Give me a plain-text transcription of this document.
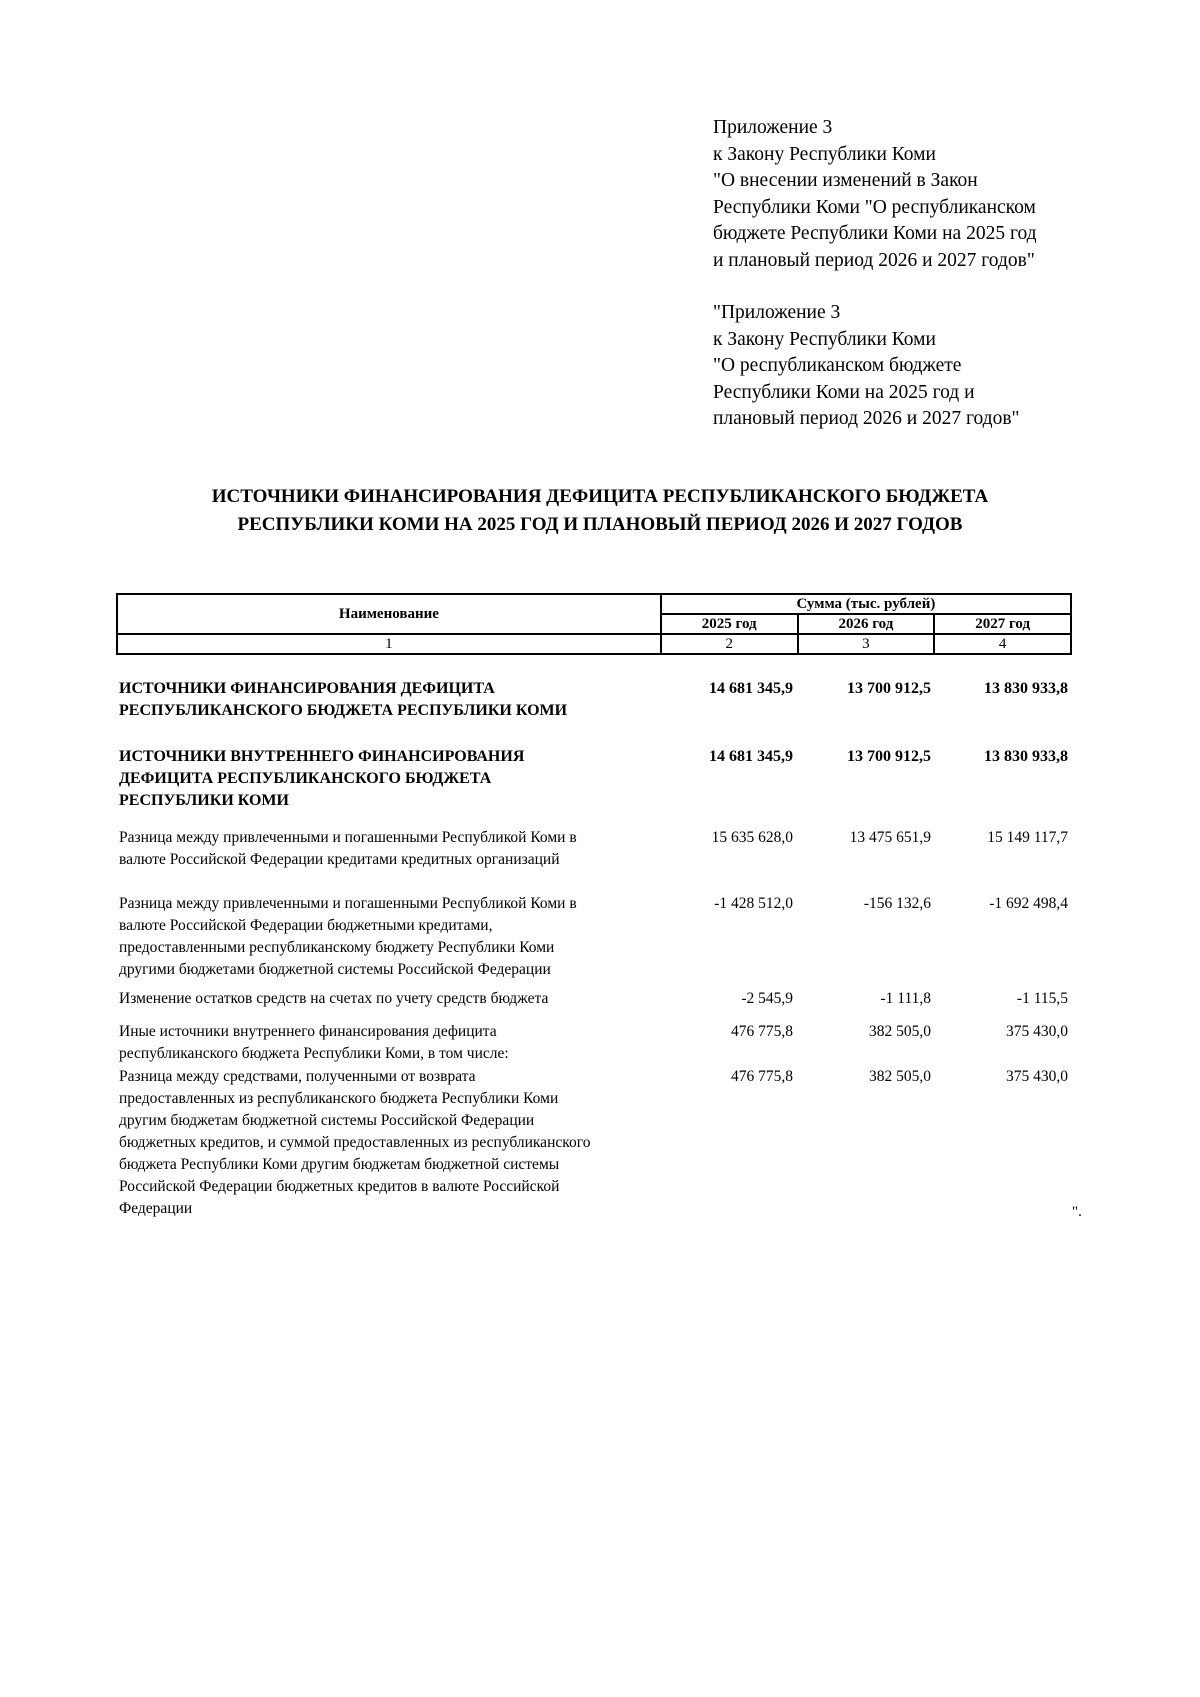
Приложение 3
к Закону Республики Коми
"О внесении изменений в Закон
Республики Коми "О республиканском
бюджете Республики Коми на 2025 год
и плановый период 2026 и 2027 годов"
"Приложение 3
к Закону Республики Коми
"О республиканском бюджете
Республики Коми на 2025 год и
плановый период 2026 и 2027 годов"
ИСТОЧНИКИ ФИНАНСИРОВАНИЯ ДЕФИЦИТА РЕСПУБЛИКАНСКОГО БЮДЖЕТА
РЕСПУБЛИКИ КОМИ НА 2025 ГОД И ПЛАНОВЫЙ ПЕРИОД 2026 И 2027 ГОДОВ
Наименование	Сумма (тыс. рублей)		
	2025 год	2026 год	2027 год
1	2	3	4
ИСТОЧНИКИ ФИНАНСИРОВАНИЯ ДЕФИЦИТА
РЕСПУБЛИКАНСКОГО БЮДЖЕТА РЕСПУБЛИКИ КОМИ
14 681 345,9	13 700 912,5	13 830 933,8
ИСТОЧНИКИ ВНУТРЕННЕГО ФИНАНСИРОВАНИЯ
ДЕФИЦИТА РЕСПУБЛИКАНСКОГО БЮДЖЕТА
РЕСПУБЛИКИ КОМИ
14 681 345,9	13 700 912,5	13 830 933,8
Разница между привлеченными и погашенными Республикой Коми в
валюте Российской Федерации кредитами кредитных организаций
15 635 628,0	13 475 651,9	15 149 117,7
Разница между привлеченными и погашенными Республикой Коми в
валюте Российской Федерации бюджетными кредитами,
предоставленными республиканскому бюджету Республики Коми
другими бюджетами бюджетной системы Российской Федерации
-1 428 512,0	-156 132,6	-1 692 498,4
Изменение остатков средств на счетах по учету средств бюджета	-2 545,9	-1 111,8	-1 115,5
Иные источники внутреннего финансирования дефицита
республиканского бюджета Республики Коми, в том числе:
476 775,8	382 505,0	375 430,0
Разница между средствами, полученными от возврата
предоставленных из республиканского бюджета Республики Коми
другим бюджетам бюджетной системы Российской Федерации
бюджетных кредитов, и суммой предоставленных из республиканского
бюджета Республики Коми другим бюджетам бюджетной системы
Российской Федерации бюджетных кредитов в валюте Российской
Федерации
476 775,8	382 505,0	375 430,0
".
